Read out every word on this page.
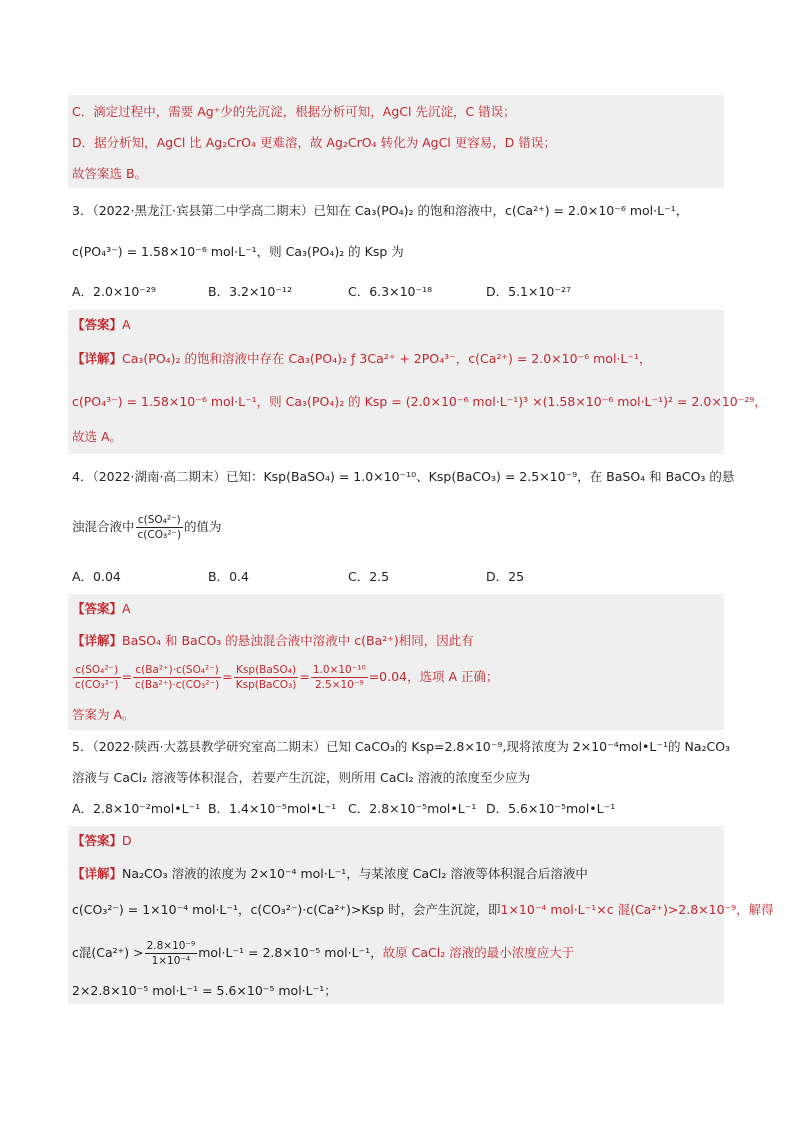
C．滴定过程中，需要 Ag⁺少的先沉淀，根据分析可知，AgCl 先沉淀，C 错误；
D．据分析知，AgCl 比 Ag₂CrO₄ 更难溶，故 Ag₂CrO₄ 转化为 AgCl 更容易，D 错误；
故答案选 B。
3．（2022·黑龙江·宾县第二中学高二期末）已知在 Ca₃(PO₄)₂ 的饱和溶液中，c(Ca²⁺) = 2.0×10⁻⁶ mol·L⁻¹，
c(PO₄³⁻) = 1.58×10⁻⁶ mol·L⁻¹，则 Ca₃(PO₄)₂ 的 Ksp 为
A．2.0×10⁻²⁹	B．3.2×10⁻¹²	C．6.3×10⁻¹⁸	D．5.1×10⁻²⁷
【答案】A
【详解】Ca₃(PO₄)₂ 的饱和溶液中存在 Ca₃(PO₄)₂ ƒ 3Ca²⁺ + 2PO₄³⁻，c(Ca²⁺) = 2.0×10⁻⁶ mol·L⁻¹，
c(PO₄³⁻) = 1.58×10⁻⁶ mol·L⁻¹，则 Ca₃(PO₄)₂ 的 Ksp = (2.0×10⁻⁶ mol·L⁻¹)³ ×(1.58×10⁻⁶ mol·L⁻¹)² = 2.0×10⁻²⁹，
故选 A。
4．（2022·湖南·高二期末）已知：Ksp(BaSO₄) = 1.0×10⁻¹⁰、Ksp(BaCO₃) = 2.5×10⁻⁹，在 BaSO₄ 和 BaCO₃ 的悬
浊混合液中 $\frac{\text{c(SO₄²⁻)}}{\text{c(CO₃²⁻)}}$ 的值为
A．0.04	B．0.4	C．2.5	D．25
【答案】A
【详解】BaSO₄ 和 BaCO₃ 的悬浊混合液中溶液中 c(Ba²⁺)相同，因此有
$\frac{\text{c(SO₄²⁻)}}{\text{c(CO₃²⁻)}} = \frac{\text{c(Ba²⁺)·c(SO₄²⁻)}}{\text{c(Ba²⁺)·c(CO₃²⁻)}} = \frac{\text{Ksp(BaSO₄)}}{\text{Ksp(BaCO₃)}} = \frac{\text{1.0×10⁻¹⁰}}{\text{2.5×10⁻⁹}} =0.04$，选项 A 正确；
答案为 A。
5．（2022·陕西·大荔县教学研究室高二期末）已知 CaCO₃的 Ksp=2.8×10⁻⁹,现将浓度为 2×10⁻⁴mol•L⁻¹的 Na₂CO₃
溶液与 CaCl₂ 溶液等体积混合，若要产生沉淀，则所用 CaCl₂ 溶液的浓度至少应为
A．2.8×10⁻²mol•L⁻¹ B．1.4×10⁻⁵mol•L⁻¹ C．2.8×10⁻⁵mol•L⁻¹ D．5.6×10⁻⁵mol•L⁻¹
【答案】D
【详解】Na₂CO₃ 溶液的浓度为 2×10⁻⁴ mol·L⁻¹，与某浓度 CaCl₂ 溶液等体积混合后溶液中
c(CO₃²⁻) = 1×10⁻⁴ mol·L⁻¹，c(CO₃²⁻)·c(Ca²⁺)>Ksp 时，会产生沉淀，即1×10⁻⁴ mol·L⁻¹×c 混(Ca²⁺)>2.8×10⁻⁹，解得
c混$(Ca^{2+}) > \frac{\text{2.8×10⁻⁹}}{\text{1×10⁻⁴}} mol\cdot L^{-1} = 2.8\times 10^{-5}$ mol·L⁻¹，故原 CaCl₂ 溶液的最小浓度应大于
2×2.8×10⁻⁵ mol·L⁻¹ = 5.6×10⁻⁵ mol·L⁻¹；
